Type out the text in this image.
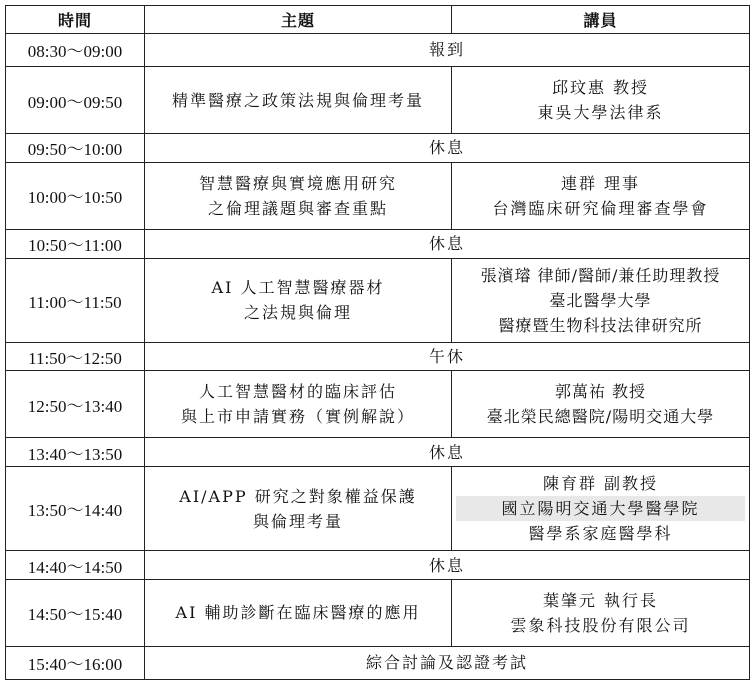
時間	主題	講員
08:30～09:00	報到	
09:00～09:50	精準醫療之政策法規與倫理考量	邱玟惠 教授
東吳大學法律系

09:50～10:00	休息	
10:00～10:50	智慧醫療與實境應用研究
之倫理議題與審查重點	連群 理事
台灣臨床研究倫理審查學會

10:50～11:00	休息	
11:00～11:50	AI 人工智慧醫療器材
之法規與倫理	張濱璿 律師/醫師/兼任助理教授
臺北醫學大學
醫療暨生物科技法律研究所

11:50～12:50	午休	
12:50～13:40	人工智慧醫材的臨床評估
與上市申請實務（實例解說）	郭萬祐 教授
臺北榮民總醫院/陽明交通大學

13:40～13:50	休息	
13:50～14:40	AI/APP 研究之對象權益保護
與倫理考量	陳育群 副教授
國立陽明交通大學醫學院
醫學系家庭醫學科

14:40～14:50	休息	
14:50～15:40	AI 輔助診斷在臨床醫療的應用	葉肇元 執行長
雲象科技股份有限公司

15:40～16:00	綜合討論及認證考試	
